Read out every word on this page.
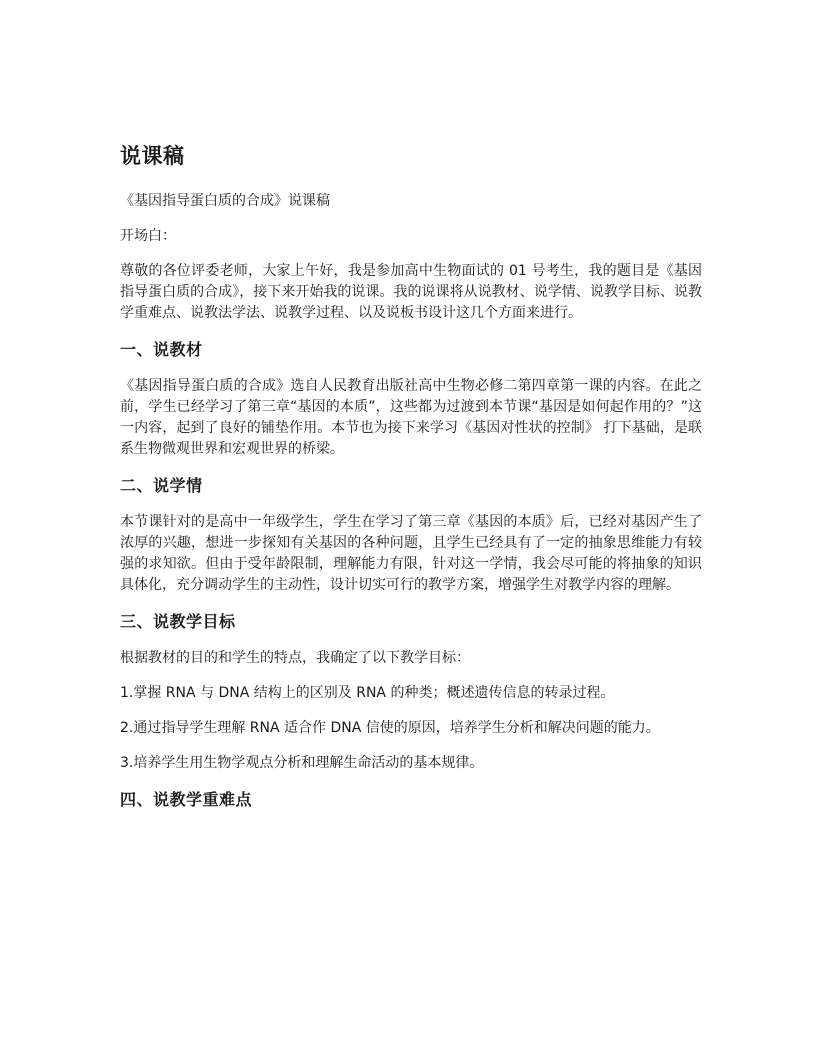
说课稿
《基因指导蛋白质的合成》说课稿
开场白：
尊敬的各位评委老师，大家上午好，我是参加高中生物面试的 01 号考生，我的题目是《基因指导蛋白质的合成》，接下来开始我的说课。我的说课将从说教材、说学情、说教学目标、说教学重难点、说教法学法、说教学过程、以及说板书设计这几个方面来进行。
一、说教材
《基因指导蛋白质的合成》选自人民教育出版社高中生物必修二第四章第一课的内容。在此之前，学生已经学习了第三章“基因的本质”，这些都为过渡到本节课“基因是如何起作用的？”这一内容，起到了良好的铺垫作用。本节也为接下来学习《基因对性状的控制》 打下基础，是联系生物微观世界和宏观世界的桥梁。
二、说学情
本节课针对的是高中一年级学生，学生在学习了第三章《基因的本质》后，已经对基因产生了浓厚的兴趣，想进一步探知有关基因的各种问题，且学生已经具有了一定的抽象思维能力有较强的求知欲。但由于受年龄限制，理解能力有限，针对这一学情，我会尽可能的将抽象的知识具体化，充分调动学生的主动性，设计切实可行的教学方案，增强学生对教学内容的理解。
三、说教学目标
根据教材的目的和学生的特点，我确定了以下教学目标：
1.掌握 RNA 与 DNA 结构上的区别及 RNA 的种类；概述遗传信息的转录过程。
2.通过指导学生理解 RNA 适合作 DNA 信使的原因，培养学生分析和解决问题的能力。
3.培养学生用生物学观点分析和理解生命活动的基本规律。
四、说教学重难点
